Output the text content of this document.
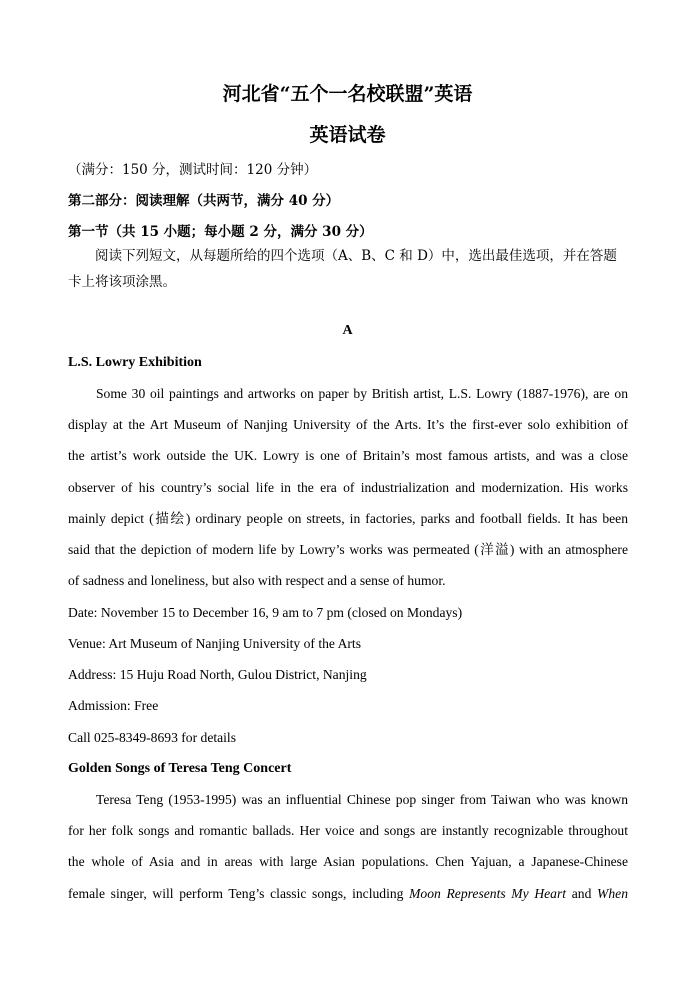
河北省“五个一名校联盟”英语
英语试卷
（满分：150 分，测试时间：120 分钟）
第二部分：阅读理解（共两节，满分 40 分）
第一节（共 15 小题；每小题 2 分，满分 30 分）
阅读下列短文，从每题所给的四个选项（A、B、C 和 D）中，选出最佳选项，并在答题
卡上将该项涂黑。
A
L.S. Lowry Exhibition
Some 30 oil paintings and artworks on paper by British artist, L.S. Lowry (1887-1976), are on
display at the Art Museum of Nanjing University of the Arts. It’s the first-ever solo exhibition of
the artist’s work outside the UK. Lowry is one of Britain’s most famous artists, and was a close
observer of his country’s social life in the era of industrialization and modernization. His works
mainly depict (描绘) ordinary people on streets, in factories, parks and football fields. It has been
said that the depiction of modern life by Lowry’s works was permeated (洋溢) with an atmosphere
of sadness and loneliness, but also with respect and a sense of humor.
Date: November 15 to December 16, 9 am to 7 pm (closed on Mondays)
Venue: Art Museum of Nanjing University of the Arts
Address: 15 Huju Road North, Gulou District, Nanjing
Admission: Free
Call 025-8349-8693 for details
Golden Songs of Teresa Teng Concert
Teresa Teng (1953-1995) was an influential Chinese pop singer from Taiwan who was known
for her folk songs and romantic ballads. Her voice and songs are instantly recognizable throughout
the whole of Asia and in areas with large Asian populations. Chen Yajuan, a Japanese-Chinese
female singer, will perform Teng’s classic songs, including Moon Represents My Heart and When
